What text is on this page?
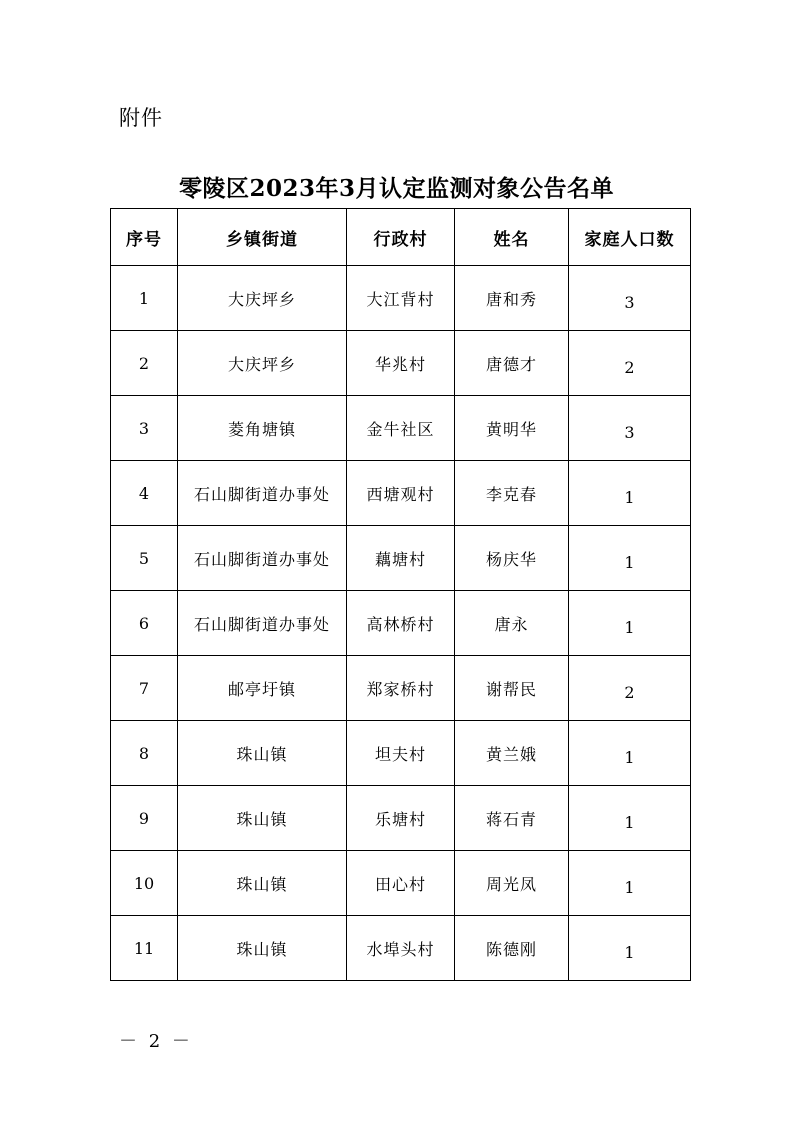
附件
零陵区2023年3月认定监测对象公告名单
序号	乡镇街道	行政村	姓名	家庭人口数
1	大庆坪乡	大江背村	唐和秀	3
2	大庆坪乡	华兆村	唐德才	2
3	菱角塘镇	金牛社区	黄明华	3
4	石山脚街道办事处	西塘观村	李克春	1
5	石山脚街道办事处	藕塘村	杨庆华	1
6	石山脚街道办事处	高林桥村	唐永	1
7	邮亭圩镇	郑家桥村	谢帮民	2
8	珠山镇	坦夫村	黄兰娥	1
9	珠山镇	乐塘村	蒋石青	1
10	珠山镇	田心村	周光凤	1
11	珠山镇	水埠头村	陈德刚	1
－ 2 －
